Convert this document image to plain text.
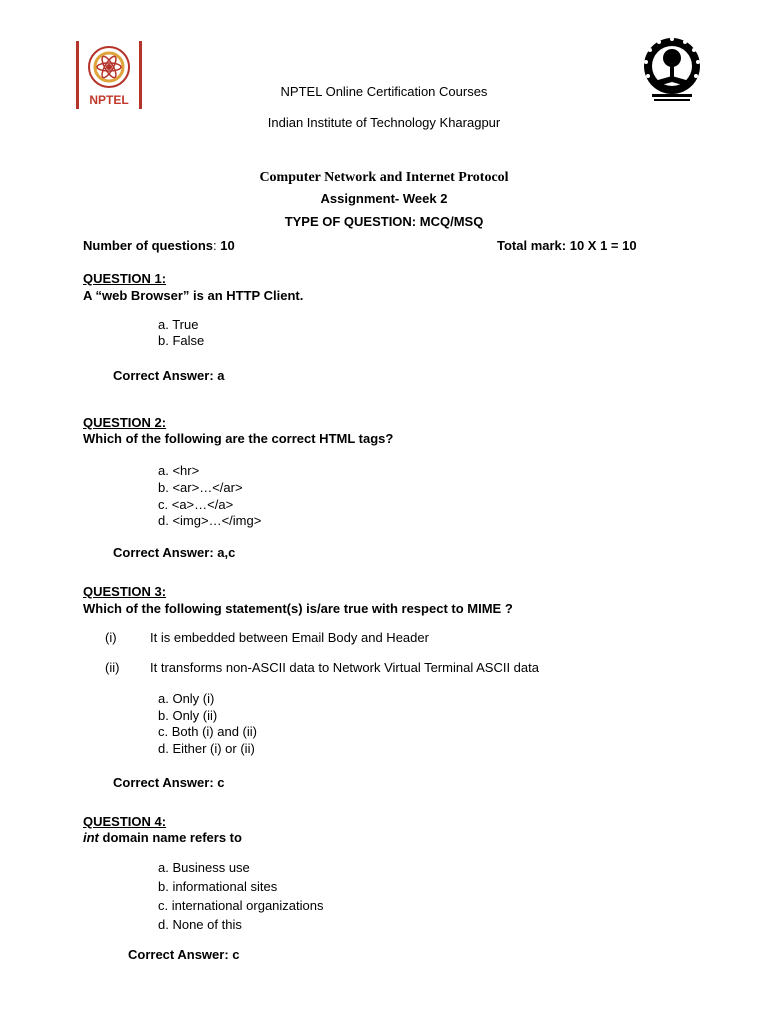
NPTEL
NPTEL Online Certification Courses
Indian Institute of Technology Kharagpur
Computer Network and Internet Protocol
Assignment- Week 2
TYPE OF QUESTION: MCQ/MSQ
Number of questions: 10	Total mark: 10 X 1 = 10
QUESTION 1:
A “web Browser” is an HTTP Client.
a. True
b. False
Correct Answer: a
QUESTION 2:
Which of the following are the correct HTML tags?
a. <hr>
b. <ar>…</ar>
c. <a>…</a>
d. <img>…</img>
Correct Answer: a,c
QUESTION 3:
Which of the following statement(s) is/are true with respect to MIME ?
(i)	It is embedded between Email Body and Header
(ii) It transforms non-ASCII data to Network Virtual Terminal ASCII data
a. Only (i)
b. Only (ii)
c. Both (i) and (ii)
d. Either (i) or (ii)
Correct Answer: c
QUESTION 4:
int domain name refers to
a. Business use
b. informational sites
c. international organizations
d. None of this
Correct Answer: c
